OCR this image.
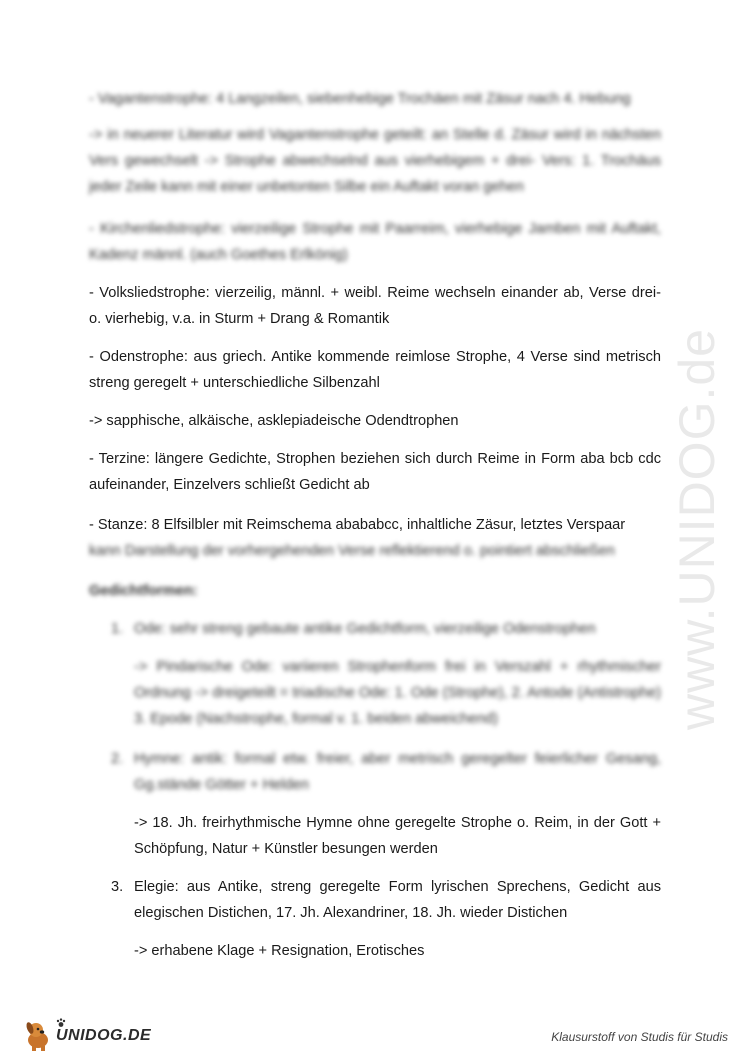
www.UNIDOG.de
- Vagantenstrophe: 4 Langzeilen, siebenhebige Trochäen mit Zäsur nach 4. Hebung
-> in neuerer Literatur wird Vagantenstrophe geteilt: an Stelle d. Zäsur wird in nächsten Vers gewechselt -> Strophe abwechselnd aus vierhebigem + drei- Vers: 1. Trochäus jeder Zeile kann mit einer unbetonten Silbe ein Auftakt voran gehen
- Kirchenliedstrophe: vierzeilige Strophe mit Paarreim, vierhebige Jamben mit Auftakt, Kadenz männl. (auch Goethes Erlkönig)
- Volksliedstrophe: vierzeilig, männl. + weibl. Reime wechseln einander ab, Verse drei- o. vierhebig, v.a. in Sturm + Drang & Romantik
- Odenstrophe: aus griech. Antike kommende reimlose Strophe, 4 Verse sind metrisch streng geregelt + unterschiedliche Silbenzahl
-> sapphische, alkäische, asklepiadeische Odendtrophen
- Terzine: längere Gedichte, Strophen beziehen sich durch Reime in Form aba bcb cdc aufeinander, Einzelvers schließt Gedicht ab
- Stanze: 8 Elfsilbler mit Reimschema abababcc, inhaltliche Zäsur, letztes Verspaar
kann Darstellung der vorhergehenden Verse reflektierend o. pointiert abschließen
Gedichtformen:
1. Ode: sehr streng gebaute antike Gedichtform, vierzeilige Odenstrophen
-> Pindarische Ode: variieren Strophenform frei in Verszahl + rhythmischer Ordnung -> dreigeteilt = triadische Ode: 1. Ode (Strophe), 2. Antode (Antistrophe) 3. Epode (Nachstrophe, formal v. 1. beiden abweichend)
2. Hymne: antik: formal etw. freier, aber metrisch geregelter feierlicher Gesang, Gg.stände Götter + Helden
-> 18. Jh. freirhythmische Hymne ohne geregelte Strophe o. Reim, in der Gott + Schöpfung, Natur + Künstler besungen werden
3. Elegie: aus Antike, streng geregelte Form lyrischen Sprechens, Gedicht aus elegischen Distichen, 17. Jh. Alexandriner, 18. Jh. wieder Distichen
-> erhabene Klage + Resignation, Erotisches
UNIDOG.DE	Klausurstoff von Studis für Studis
